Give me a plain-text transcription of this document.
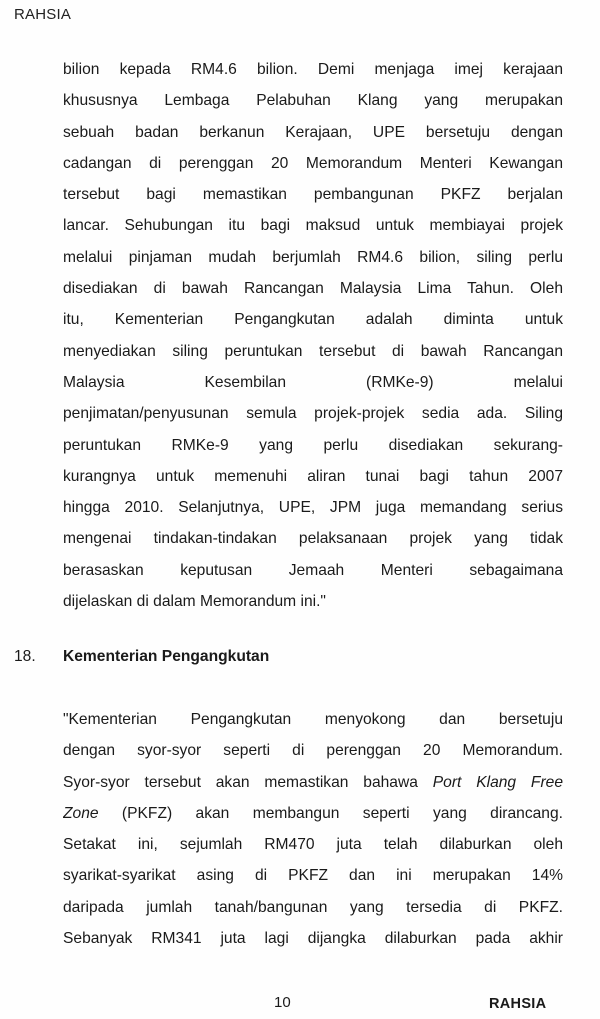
RAHSIA
bilion kepada RM4.6 bilion. Demi menjaga imej kerajaan
khususnya Lembaga Pelabuhan Klang yang merupakan
sebuah badan berkanun Kerajaan, UPE bersetuju dengan
cadangan di perenggan 20 Memorandum Menteri Kewangan
tersebut bagi memastikan pembangunan PKFZ berjalan
lancar. Sehubungan itu bagi maksud untuk membiayai projek
melalui pinjaman mudah berjumlah RM4.6 bilion, siling perlu
disediakan di bawah Rancangan Malaysia Lima Tahun. Oleh
itu, Kementerian Pengangkutan adalah diminta untuk
menyediakan siling peruntukan tersebut di bawah Rancangan
Malaysia Kesembilan (RMKe-9) melalui
penjimatan/penyusunan semula projek-projek sedia ada. Siling
peruntukan RMKe-9 yang perlu disediakan sekurang-
kurangnya untuk memenuhi aliran tunai bagi tahun 2007
hingga 2010. Selanjutnya, UPE, JPM juga memandang serius
mengenai tindakan-tindakan pelaksanaan projek yang tidak
berasaskan keputusan Jemaah Menteri sebagaimana
dijelaskan di dalam Memorandum ini."
18. Kementerian Pengangkutan
"Kementerian Pengangkutan menyokong dan bersetuju
dengan syor-syor seperti di perenggan 20 Memorandum.
Syor-syor tersebut akan memastikan bahawa Port Klang Free
Zone (PKFZ) akan membangun seperti yang dirancang.
Setakat ini, sejumlah RM470 juta telah dilaburkan oleh
syarikat-syarikat asing di PKFZ dan ini merupakan 14%
daripada jumlah tanah/bangunan yang tersedia di PKFZ.
Sebanyak RM341 juta lagi dijangka dilaburkan pada akhir
10	RAHSIA
